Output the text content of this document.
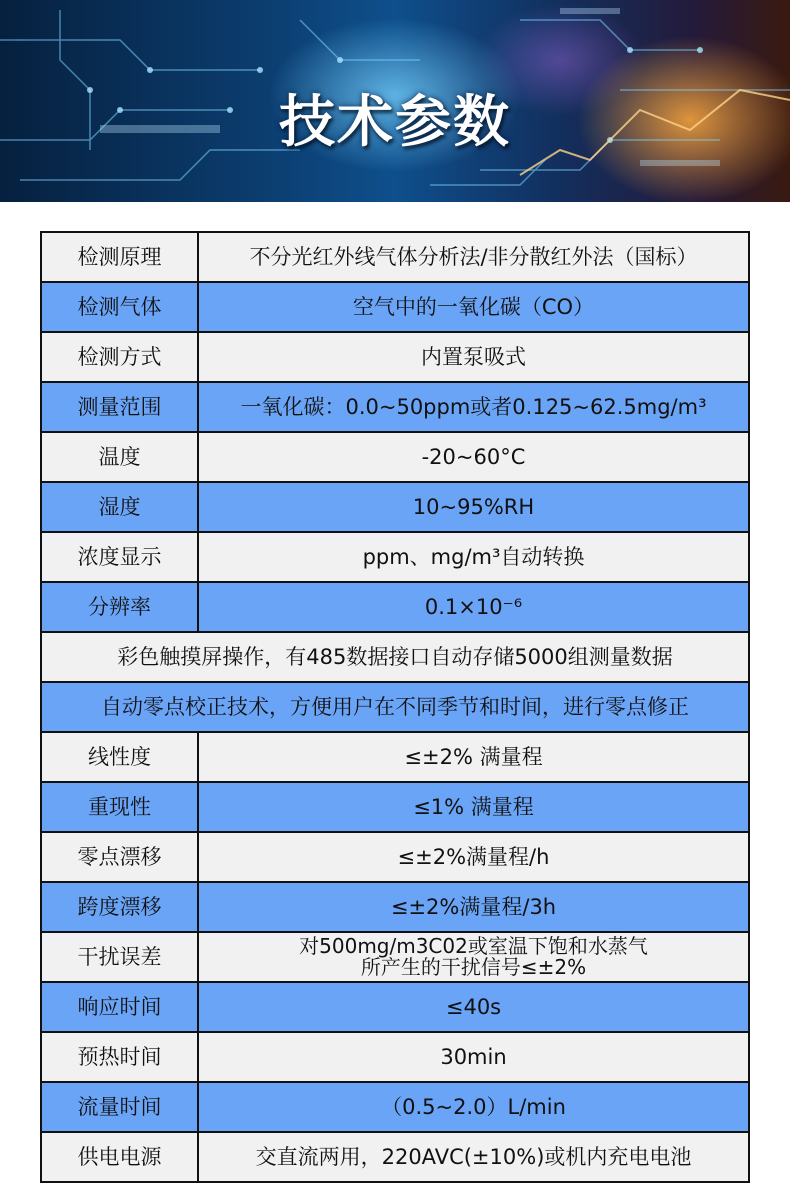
技术参数
检测原理	不分光红外线气体分析法/非分散红外法（国标）
检测气体	空气中的一氧化碳（CO）
检测方式	内置泵吸式
测量范围	一氧化碳：0.0~50ppm或者0.125~62.5mg/m³
温度	-20~60°C
湿度	10~95%RH
浓度显示	ppm、mg/m³自动转换
分辨率	0.1×10⁻⁶
彩色触摸屏操作，有485数据接口自动存储5000组测量数据	
自动零点校正技术，方便用户在不同季节和时间，进行零点修正	
线性度	≤±2% 满量程
重现性	≤1% 满量程
零点漂移	≤±2%满量程/h
跨度漂移	≤±2%满量程/3h
干扰误差	对500mg/m3C02或室温下饱和水蒸气
所产生的干扰信号≤±2%

响应时间	≤40s
预热时间	30min
流量时间	（0.5~2.0）L/min
供电电源	交直流两用，220AVC(±10%)或机内充电电池
